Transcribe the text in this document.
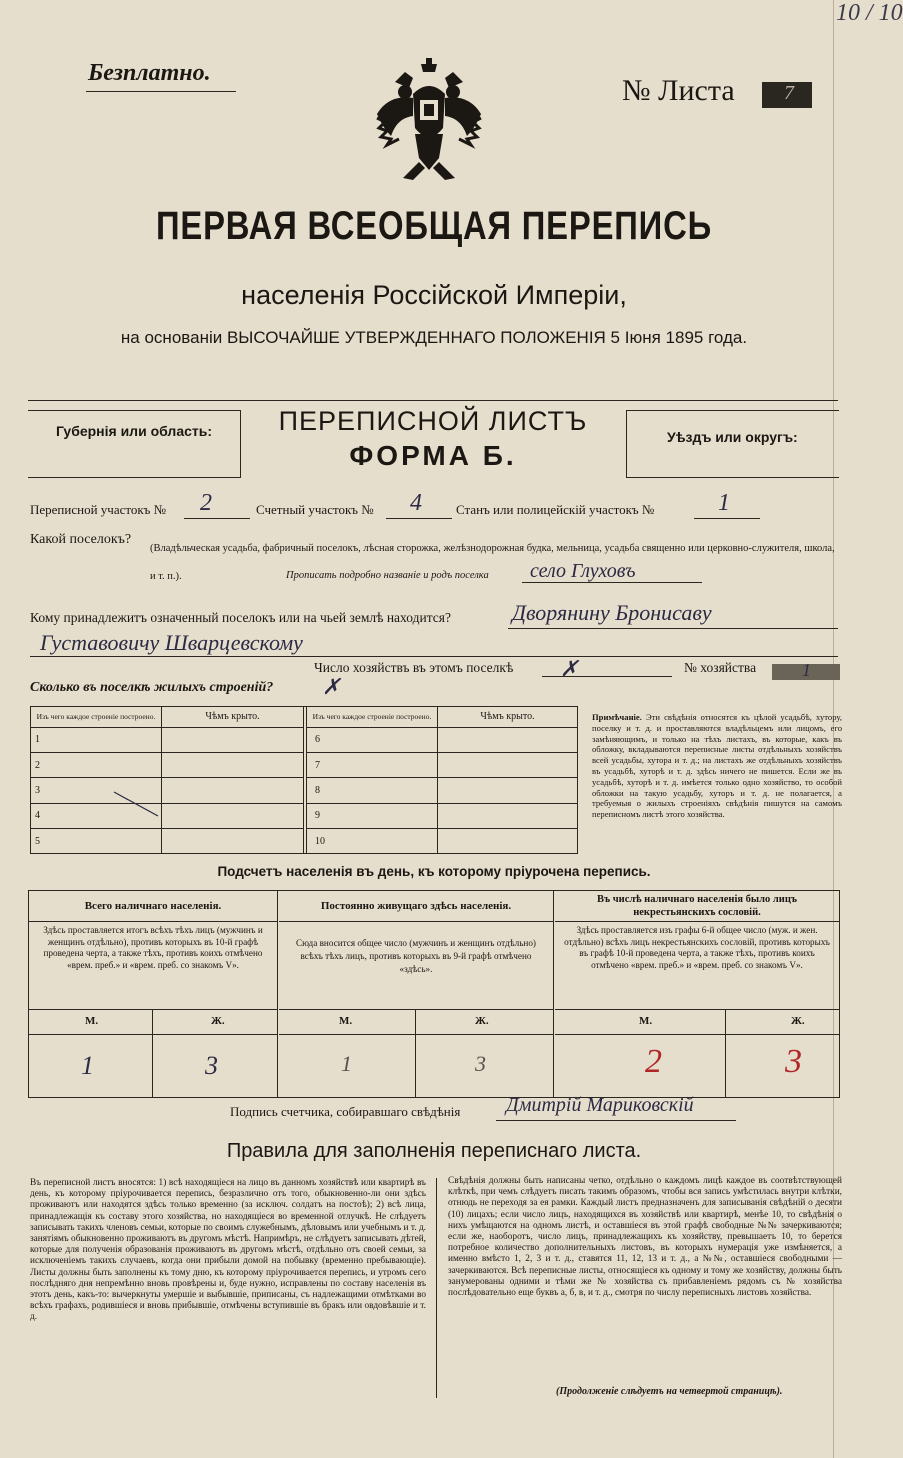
10 / 10
Безплатно.
№ Листа 7
ПЕРВАЯ ВСЕОБЩАЯ ПЕРЕПИСЬ
населенія Россійской Имперіи,
на основаніи ВЫСОЧАЙШЕ УТВЕРЖДЕННАГО ПОЛОЖЕНІЯ 5 Іюня 1895 года.
Губернія или область:	ПЕРЕПИСНОЙ ЛИСТЪ
ФОРМА Б.
Уѣздъ или округъ:
Переписной участокъ № 2	Счетный участокъ № 4	Станъ или полицейскій участокъ №	1
Какой поселокъ?
(Владѣльческая усадьба, фабричный поселокъ, лѣсная сторожка, желѣзнодорожная будка, мельница, усадьба священно или церковно-служителя, школа, и т. п.).	Прописать подробно названіе и родъ поселка село Глуховъ
Кому принадлежитъ означенный поселокъ или на чьей землѣ находится?	Дворянину Бронисаву
Густавовичу Шварцевскому
Число хозяйствъ въ этомъ поселкѣ ✗	№ хозяйства	1
Сколько въ поселкѣ жилыхъ строеній? ✗
Изъ чего каждое строеніе построено.	Чѣмъ крыто.
1	
2	
3	
4	
5	
Изъ чего каждое строеніе построено.	Чѣмъ крыто.
6	
7	
8	
9	
10	
Примѣчаніе. Эти свѣдѣнія относятся къ цѣлой усадьбѣ, хутору, поселку и т. д. и проставляются владѣльцемъ или лицомъ, его замѣняющимъ, и только на тѣхъ листахъ, въ которые, какъ въ обложку, вкладываются переписные листы отдѣльныхъ хозяйствъ всей усадьбы, хутора и т. д.; на листахъ же отдѣльныхъ хозяйствъ въ усадьбѣ, хуторѣ и т. д. здѣсь ничего не пишется. Если же въ усадьбѣ, хуторѣ и т. д. имѣется только одно хозяйство, то особой обложки на такую усадьбу, хуторъ и т. д. не полагается, а требуемыя о жилыхъ строеніяхъ свѣдѣнія пишутся на самомъ переписномъ листѣ этого хозяйства.
Подсчетъ населенія въ день, къ которому пріурочена перепись.
Всего наличнаго населенія.
Здѣсь проставляется итогъ всѣхъ тѣхъ лицъ (мужчинъ и женщинъ отдѣльно), противъ которыхъ въ 10-й графѣ проведена черта, а также тѣхъ, противъ коихъ отмѣчено «врем. преб.» и «врем. преб. со знакомъ V».
М.	Ж.
1	3
Постоянно живущаго здѣсь населенія.
Сюда вносится общее число (мужчинъ и женщинъ отдѣльно) всѣхъ тѣхъ лицъ, противъ которыхъ въ 9-й графѣ отмѣчено «здѣсь».
М.	Ж.
1	3
Въ числѣ наличнаго населенія было лицъ некрестьянскихъ сословій.
Здѣсь проставляется изъ графы 6-й общее число (муж. и жен. отдѣльно) всѣхъ лицъ некрестьянскихъ сословій, противъ которыхъ въ графѣ 10-й проведена черта, а также тѣхъ, противъ коихъ отмѣчено «врем. преб.» и «врем. преб. со знакомъ V».
М.	Ж.
2	3
Подпись счетчика, собиравшаго свѣдѣнія Дмитрій Мариковскій
Правила для заполненія переписнаго листа.
Въ переписной листъ вносятся: 1) всѣ находящіеся на лицо въ данномъ хозяйствѣ или квартирѣ въ день, къ которому пріурочивается перепись, безразлично отъ того, обыкновенно-ли они здѣсь проживаютъ или находятся здѣсь только временно (за исключ. солдатъ на постоѣ); 2) всѣ лица, принадлежащія къ составу этого хозяйства, но находящіеся во временной отлучкѣ. Не слѣдуетъ записывать такихъ членовъ семьи, которые по своимъ служебнымъ, дѣловымъ или учебнымъ и т. д. занятіямъ обыкновенно проживаютъ въ другомъ мѣстѣ. Напримѣръ, не слѣдуетъ записывать дѣтей, которые для полученія образованія проживаютъ въ другомъ мѣстѣ, отдѣльно отъ своей семьи, за исключеніемъ такихъ случаевъ, когда они прибыли домой на побывку (временно пребывающіе). Листы должны быть заполнены къ тому дню, къ которому пріурочивается перепись, и утромъ сего послѣдняго дня непремѣнно вновь провѣрены и, буде нужно, исправлены по составу населенія въ этотъ день, какъ-то: вычеркнуты умершіе и выбывшіе, приписаны, съ надлежащими отмѣтками во всѣхъ графахъ, родившіеся и вновь прибывшіе, отмѣчены вступившіе въ бракъ или овдовѣвшіе и т. д.
Свѣдѣнія должны быть написаны четко, отдѣльно о каждомъ лицѣ каждое въ соотвѣтствующей клѣткѣ, при чемъ слѣдуетъ писать такимъ образомъ, чтобы вся запись умѣстилась внутри клѣтки, отнюдь не переходя за ея рамки. Каждый листъ предназначенъ для записыванія свѣдѣній о десяти (10) лицахъ; если число лицъ, находящихся въ хозяйствѣ или квартирѣ, менѣе 10, то свѣдѣнія о нихъ умѣщаются на одномъ листѣ, и оставшіеся въ этой графѣ свободные №№ зачеркиваются; если же, наоборотъ, число лицъ, принадлежащихъ къ хозяйству, превышаетъ 10, то берется потребное количество дополнительныхъ листовъ, въ которыхъ нумерація уже измѣняется, а именно вмѣсто 1, 2, 3 и т. д., ставятся 11, 12, 13 и т. д., а №№, оставшіеся свободными — зачеркиваются. Всѣ переписные листы, относящіеся къ одному и тому же хозяйству, должны быть занумерованы одними и тѣми же № хозяйства съ прибавленіемъ рядомъ съ № хозяйства послѣдовательно еще буквъ а, б, в, и т. д., смотря по числу переписныхъ листовъ хозяйства.
(Продолженіе слѣдуетъ на четвертой страницѣ).
